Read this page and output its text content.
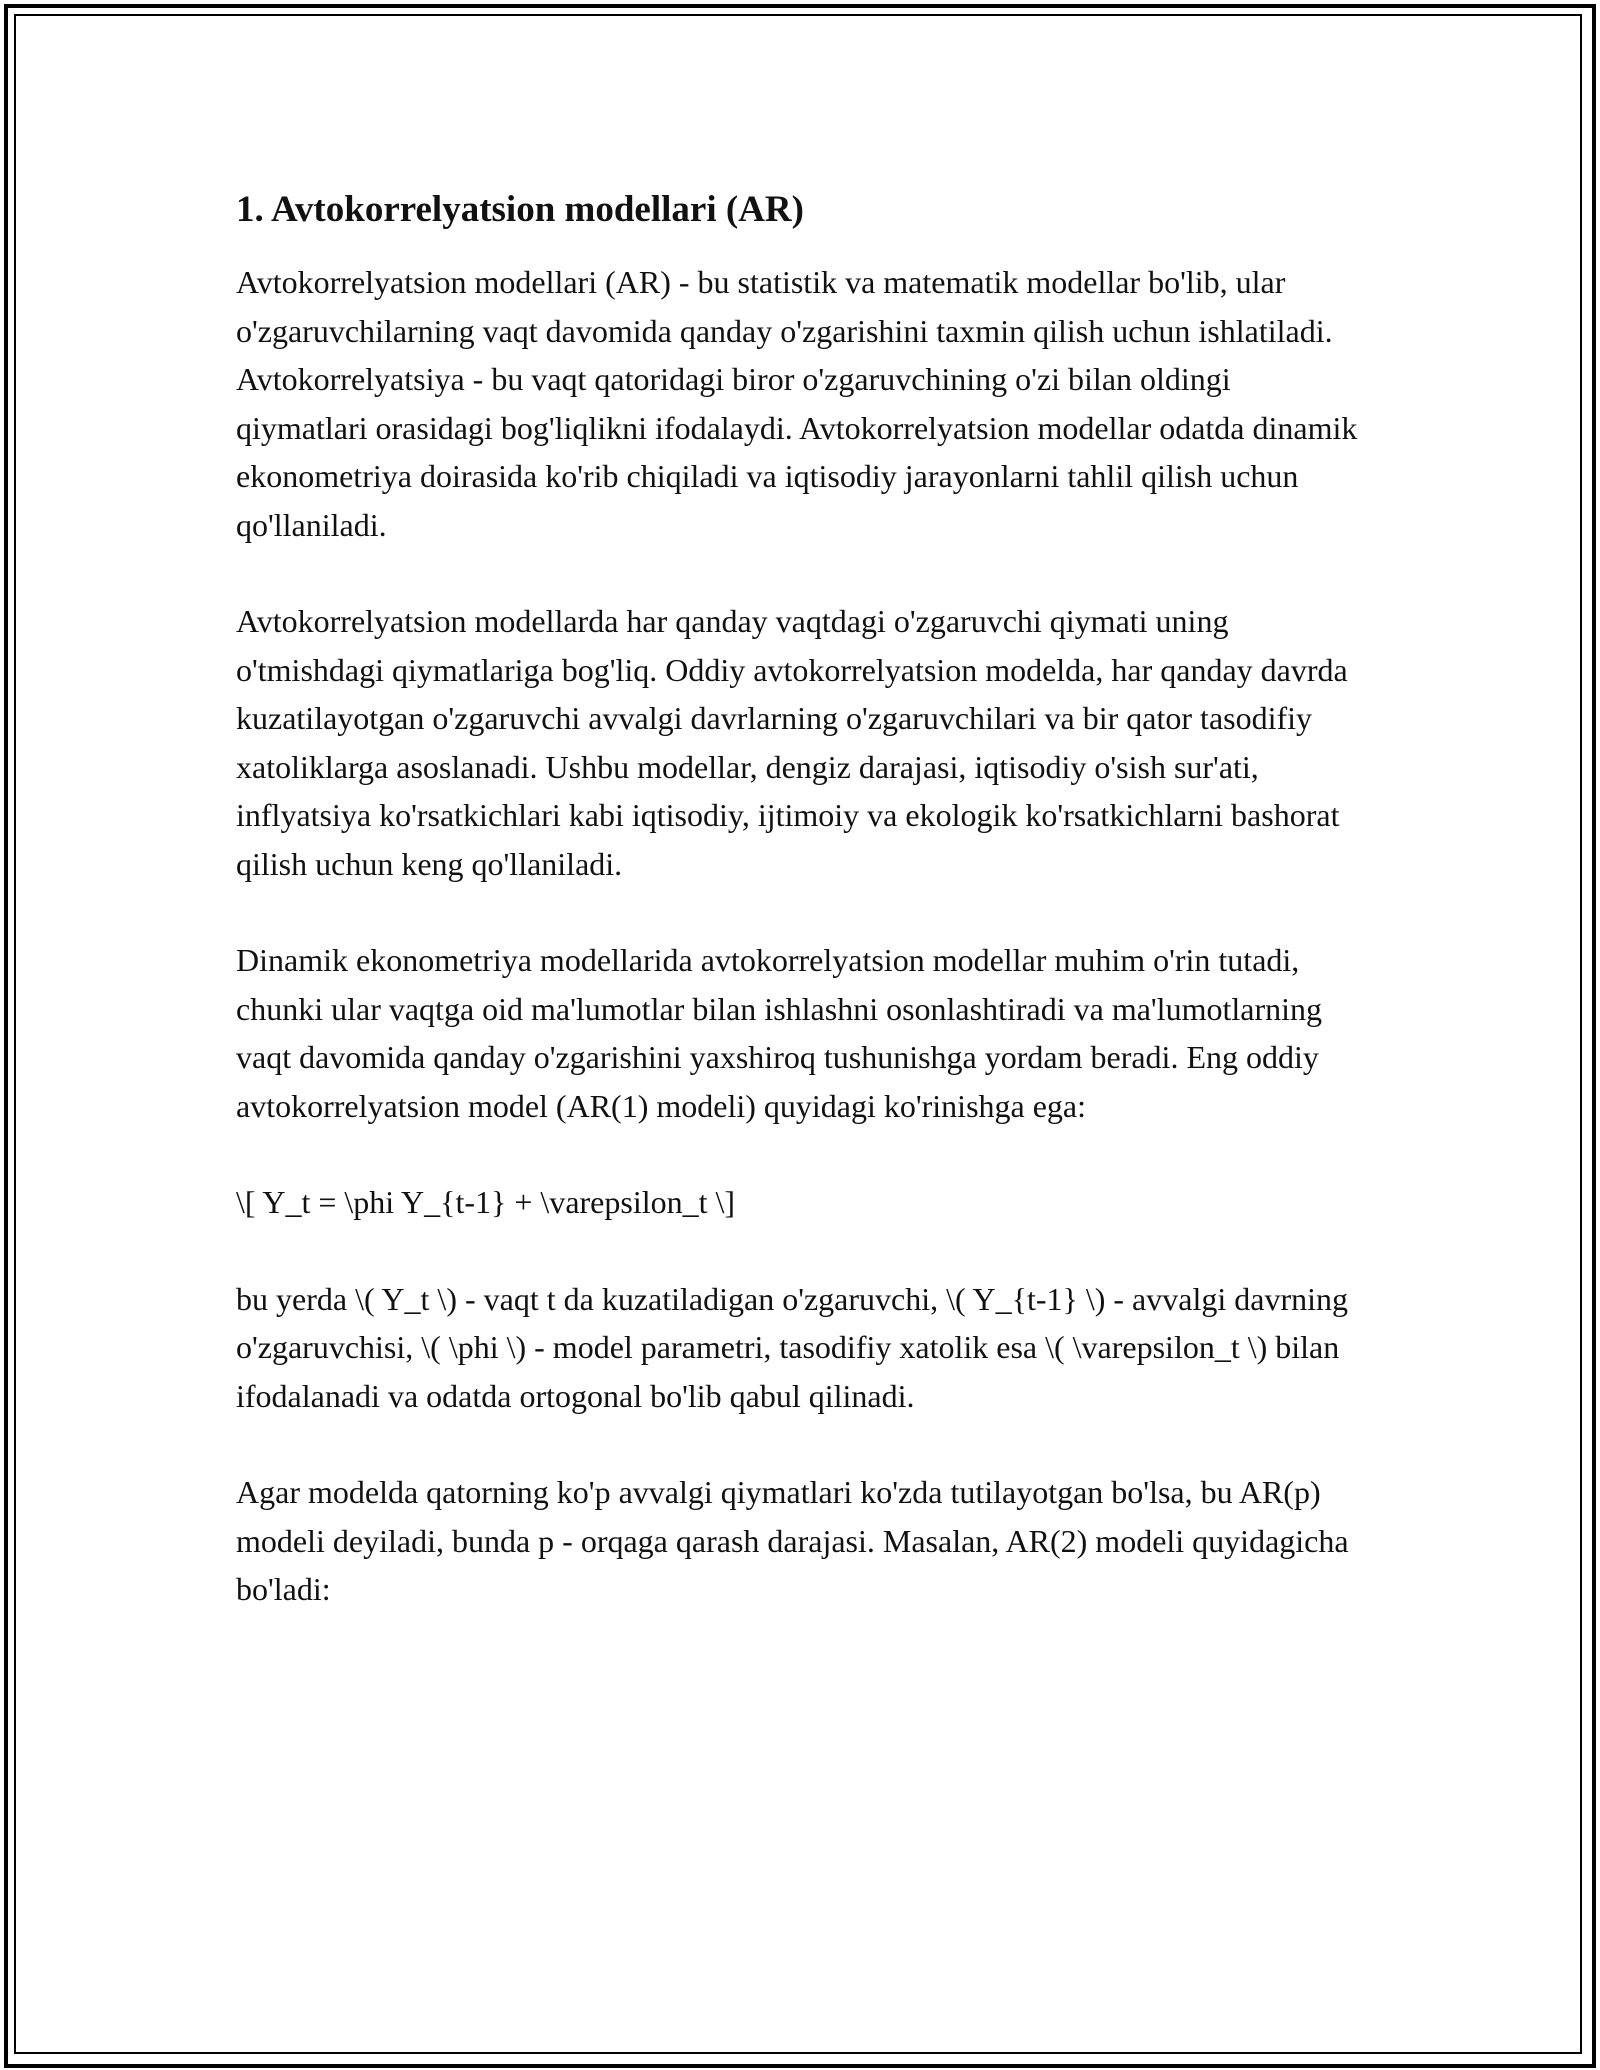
1. Avtokorrelyatsion modellari (AR)

Avtokorrelyatsion modellari (AR) - bu statistik va matematik modellar bo'lib, ular o'zgaruvchilarning vaqt davomida qanday o'zgarishini taxmin qilish uchun ishlatiladi. Avtokorrelyatsiya - bu vaqt qatoridagi biror o'zgaruvchining o'zi bilan oldingi qiymatlari orasidagi bog'liqlikni ifodalaydi. Avtokorrelyatsion modellar odatda dinamik ekonometriya doirasida ko'rib chiqiladi va iqtisodiy jarayonlarni tahlil qilish uchun qo'llaniladi.

Avtokorrelyatsion modellarda har qanday vaqtdagi o'zgaruvchi qiymati uning o'tmishdagi qiymatlariga bog'liq. Oddiy avtokorrelyatsion modelda, har qanday davrda kuzatilayotgan o'zgaruvchi avvalgi davrlarning o'zgaruvchilari va bir qator tasodifiy xatoliklarga asoslanadi. Ushbu modellar, dengiz darajasi, iqtisodiy o'sish sur'ati, inflyatsiya ko'rsatkichlari kabi iqtisodiy, ijtimoiy va ekologik ko'rsatkichlarni bashorat qilish uchun keng qo'llaniladi.

Dinamik ekonometriya modellarida avtokorrelyatsion modellar muhim o'rin tutadi, chunki ular vaqtga oid ma'lumotlar bilan ishlashni osonlashtiradi va ma'lumotlarning vaqt davomida qanday o'zgarishini yaxshiroq tushunishga yordam beradi. Eng oddiy avtokorrelyatsion model (AR(1) modeli) quyidagi ko'rinishga ega:

\[ Y_t = \phi Y_{t-1} + \varepsilon_t \]

bu yerda \( Y_t \) - vaqt t da kuzatiladigan o'zgaruvchi, \( Y_{t-1} \) - avvalgi davrning o'zgaruvchisi, \( \phi \) - model parametri, tasodifiy xatolik esa \( \varepsilon_t \) bilan ifodalanadi va odatda ortogonal bo'lib qabul qilinadi.

Agar modelda qatorning ko'p avvalgi qiymatlari ko'zda tutilayotgan bo'lsa, bu AR(p) modeli deyiladi, bunda p - orqaga qarash darajasi. Masalan, AR(2) modeli quyidagicha bo'ladi:
